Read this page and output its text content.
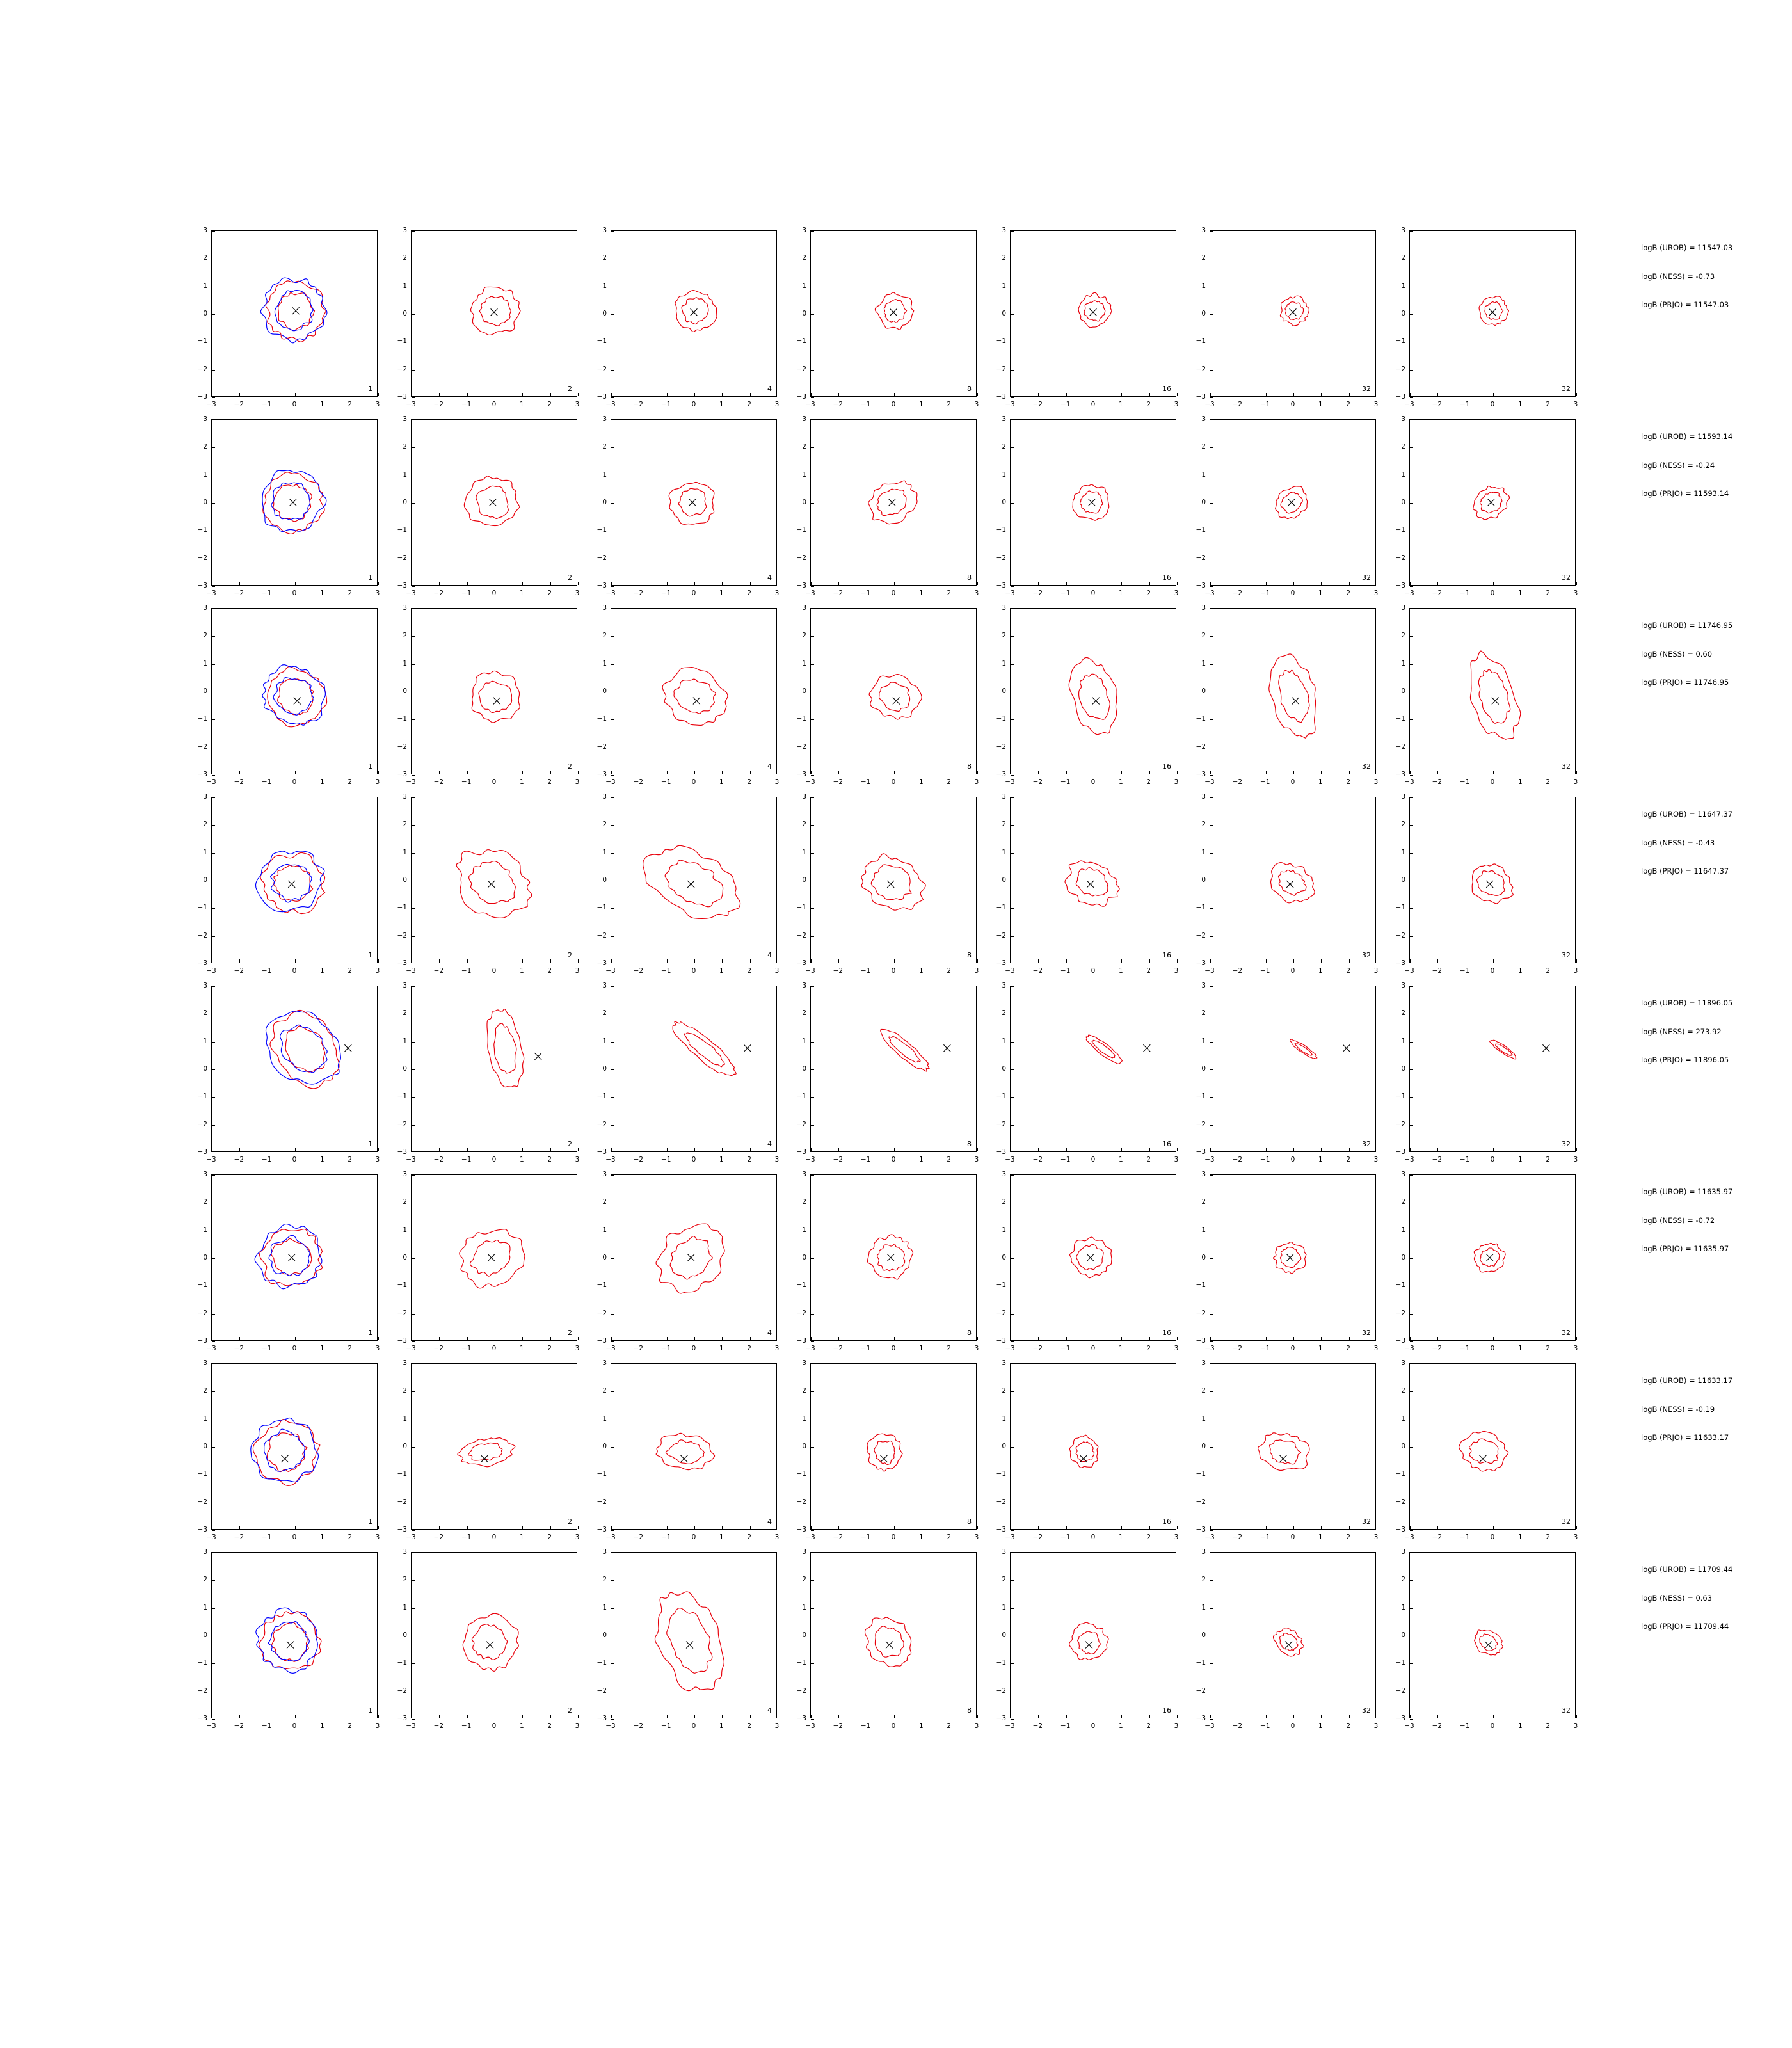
1
−3	−2	−1	0	1	2	3
−3
−2
−1
0
1
2
3
2
−3	−2	−1	0	1	2	3
−3
−2
−1
0
1
2
3
4
−3	−2	−1	0	1	2	3
−3
−2
−1
0
1
2
3
8
−3	−2	−1	0	1	2	3
−3
−2
−1
0
1
2
3
16
−3	−2	−1	0	1	2	3
−3
−2
−1
0
1
2
3
32
−3	−2	−1	0	1	2	3
−3
−2
−1
0
1
2
3
32
−3	−2	−1	0	1	2	3
−3
−2
−1
0
1
2
3
logB (UROB) = 11547.03
logB (NESS) = -0.73
logB (PRJO) = 11547.03
1
−3	−2	−1	0	1	2	3
−3
−2
−1
0
1
2
3
2
−3	−2	−1	0	1	2	3
−3
−2
−1
0
1
2
3
4
−3	−2	−1	0	1	2	3
−3
−2
−1
0
1
2
3
8
−3	−2	−1	0	1	2	3
−3
−2
−1
0
1
2
3
16
−3	−2	−1	0	1	2	3
−3
−2
−1
0
1
2
3
32
−3	−2	−1	0	1	2	3
−3
−2
−1
0
1
2
3
32
−3	−2	−1	0	1	2	3
−3
−2
−1
0
1
2
3
logB (UROB) = 11593.14
logB (NESS) = -0.24
logB (PRJO) = 11593.14
1
−3	−2	−1	0	1	2	3
−3
−2
−1
0
1
2
3
2
−3	−2	−1	0	1	2	3
−3
−2
−1
0
1
2
3
4
−3	−2	−1	0	1	2	3
−3
−2
−1
0
1
2
3
8
−3	−2	−1	0	1	2	3
−3
−2
−1
0
1
2
3
16
−3	−2	−1	0	1	2	3
−3
−2
−1
0
1
2
3
32
−3	−2	−1	0	1	2	3
−3
−2
−1
0
1
2
3
32
−3	−2	−1	0	1	2	3
−3
−2
−1
0
1
2
3
logB (UROB) = 11746.95
logB (NESS) = 0.60
logB (PRJO) = 11746.95
1
−3	−2	−1	0	1	2	3
−3
−2
−1
0
1
2
3
2
−3	−2	−1	0	1	2	3
−3
−2
−1
0
1
2
3
4
−3	−2	−1	0	1	2	3
−3
−2
−1
0
1
2
3
8
−3	−2	−1	0	1	2	3
−3
−2
−1
0
1
2
3
16
−3	−2	−1	0	1	2	3
−3
−2
−1
0
1
2
3
32
−3	−2	−1	0	1	2	3
−3
−2
−1
0
1
2
3
32
−3	−2	−1	0	1	2	3
−3
−2
−1
0
1
2
3
logB (UROB) = 11647.37
logB (NESS) = -0.43
logB (PRJO) = 11647.37
1
−3	−2	−1	0	1	2	3
−3
−2
−1
0
1
2
3
2
−3	−2	−1	0	1	2	3
−3
−2
−1
0
1
2
3
4
−3	−2	−1	0	1	2	3
−3
−2
−1
0
1
2
3
8
−3	−2	−1	0	1	2	3
−3
−2
−1
0
1
2
3
16
−3	−2	−1	0	1	2	3
−3
−2
−1
0
1
2
3
32
−3	−2	−1	0	1	2	3
−3
−2
−1
0
1
2
3
32
−3	−2	−1	0	1	2	3
−3
−2
−1
0
1
2
3
logB (UROB) = 11896.05
logB (NESS) = 273.92
logB (PRJO) = 11896.05
1
−3	−2	−1	0	1	2	3
−3
−2
−1
0
1
2
3
2
−3	−2	−1	0	1	2	3
−3
−2
−1
0
1
2
3
4
−3	−2	−1	0	1	2	3
−3
−2
−1
0
1
2
3
8
−3	−2	−1	0	1	2	3
−3
−2
−1
0
1
2
3
16
−3	−2	−1	0	1	2	3
−3
−2
−1
0
1
2
3
32
−3	−2	−1	0	1	2	3
−3
−2
−1
0
1
2
3
32
−3	−2	−1	0	1	2	3
−3
−2
−1
0
1
2
3
logB (UROB) = 11635.97
logB (NESS) = -0.72
logB (PRJO) = 11635.97
1
−3	−2	−1	0	1	2	3
−3
−2
−1
0
1
2
3
2
−3	−2	−1	0	1	2	3
−3
−2
−1
0
1
2
3
4
−3	−2	−1	0	1	2	3
−3
−2
−1
0
1
2
3
8
−3	−2	−1	0	1	2	3
−3
−2
−1
0
1
2
3
16
−3	−2	−1	0	1	2	3
−3
−2
−1
0
1
2
3
32
−3	−2	−1	0	1	2	3
−3
−2
−1
0
1
2
3
32
−3	−2	−1	0	1	2	3
−3
−2
−1
0
1
2
3
logB (UROB) = 11633.17
logB (NESS) = -0.19
logB (PRJO) = 11633.17
1
−3	−2	−1	0	1	2	3
−3
−2
−1
0
1
2
3
2
−3	−2	−1	0	1	2	3
−3
−2
−1
0
1
2
3
4
−3	−2	−1	0	1	2	3
−3
−2
−1
0
1
2
3
8
−3	−2	−1	0	1	2	3
−3
−2
−1
0
1
2
3
16
−3	−2	−1	0	1	2	3
−3
−2
−1
0
1
2
3
32
−3	−2	−1	0	1	2	3
−3
−2
−1
0
1
2
3
32
−3	−2	−1	0	1	2	3
−3
−2
−1
0
1
2
3
logB (UROB) = 11709.44
logB (NESS) = 0.63
logB (PRJO) = 11709.44
